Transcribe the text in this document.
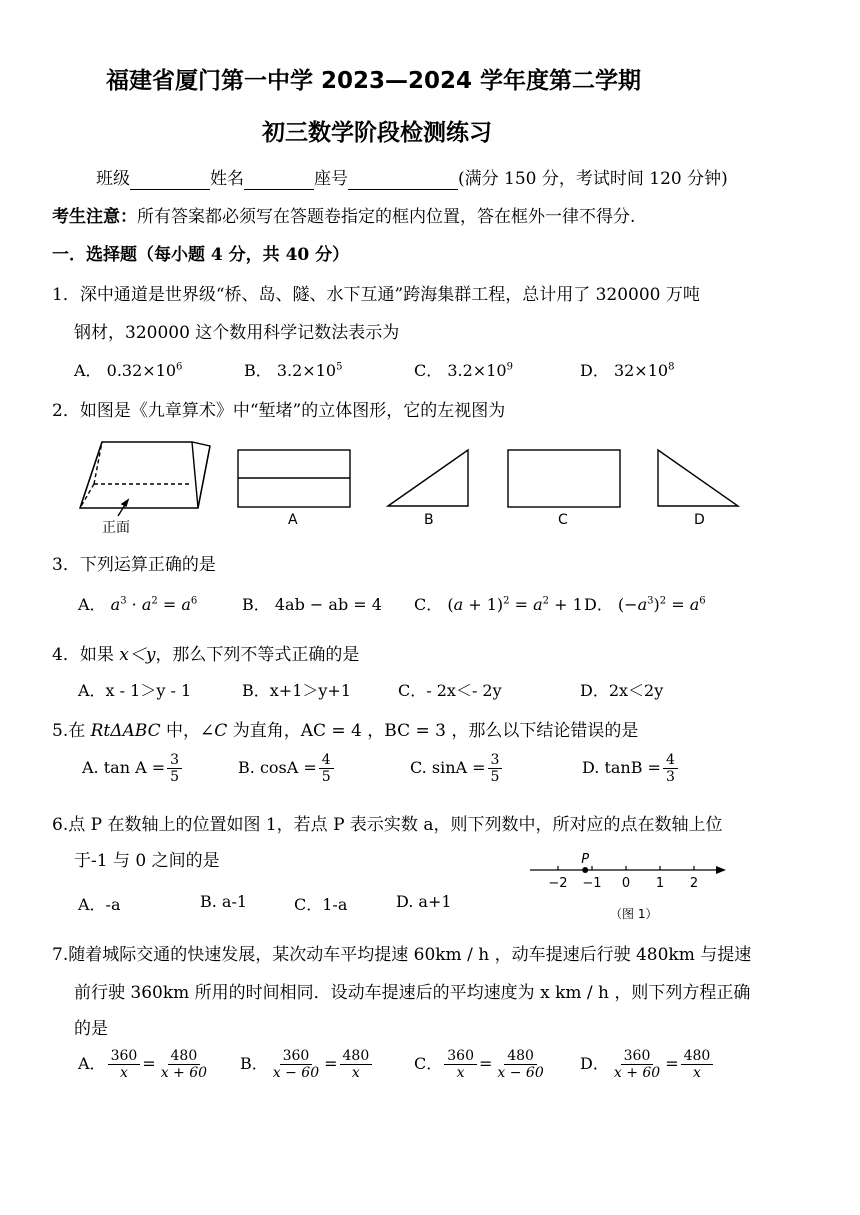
福建省厦门第一中学 2023—2024 学年度第二学期
初三数学阶段检测练习
班级	姓名	座号	(满分 150 分，考试时间 120 分钟)
考生注意：所有答案都必须写在答题卷指定的框内位置，答在框外一律不得分.
一．选择题（每小题 4 分，共 40 分）
1．深中通道是世界级“桥、岛、隧、水下互通”跨海集群工程，总计用了 320000 万吨
钢材，320000 这个数用科学记数法表示为
A． $0.32\times 10^6$	B． $3.2\times 10^5$	C． $3.2\times 10^9$	D． $32\times 10^8$
2．如图是《九章算术》中“堑堵”的立体图形，它的左视图为
正面	A	B	C	D
3．下列运算正确的是
A． $a^3 \cdot a^2 = a^6$	B． 4ab − ab = 4 C． $(a + 1)^2 = a^2 + 1$ D． $(-a^3)^2 = a^6$
4．如果 x＜y，那么下列不等式正确的是
A．x - 1＞y - 1	B．x+1＞y+1	C．- 2x＜- 2y	D．2x＜2y
5.在 RtΔABC 中，∠C 为直角，AC = 4 ，BC = 3 ，那么以下结论错误的是
A. $\tan A = \frac{3}{5}$	B. $\cos A = \frac{4}{5}$	C. $\sin A = \frac{3}{5}$	D. $\tan B = \frac{4}{3}$
6.点 P 在数轴上的位置如图 1，若点 P 表示实数 a，则下列数中，所对应的点在数轴上位
于-1 与 0 之间的是
A．-a	B. a-1	C．1-a	D. a+1
−2 −1 0 1 2
P
（图 1）
7.随着城际交通的快速发展，某次动车平均提速 60km / h ，动车提速后行驶 480km 与提速
前行驶 360km 所用的时间相同．设动车提速后的平均速度为 x km / h ，则下列方程正确
的是
A． $\frac{360}{x} = \frac{480}{x + 60}$ B． $\frac{360}{x - 60} = \frac{480}{x}$	C． $\frac{360}{x} = \frac{480}{x - 60}$ D． $\frac{360}{x + 60} = \frac{480}{x}$
